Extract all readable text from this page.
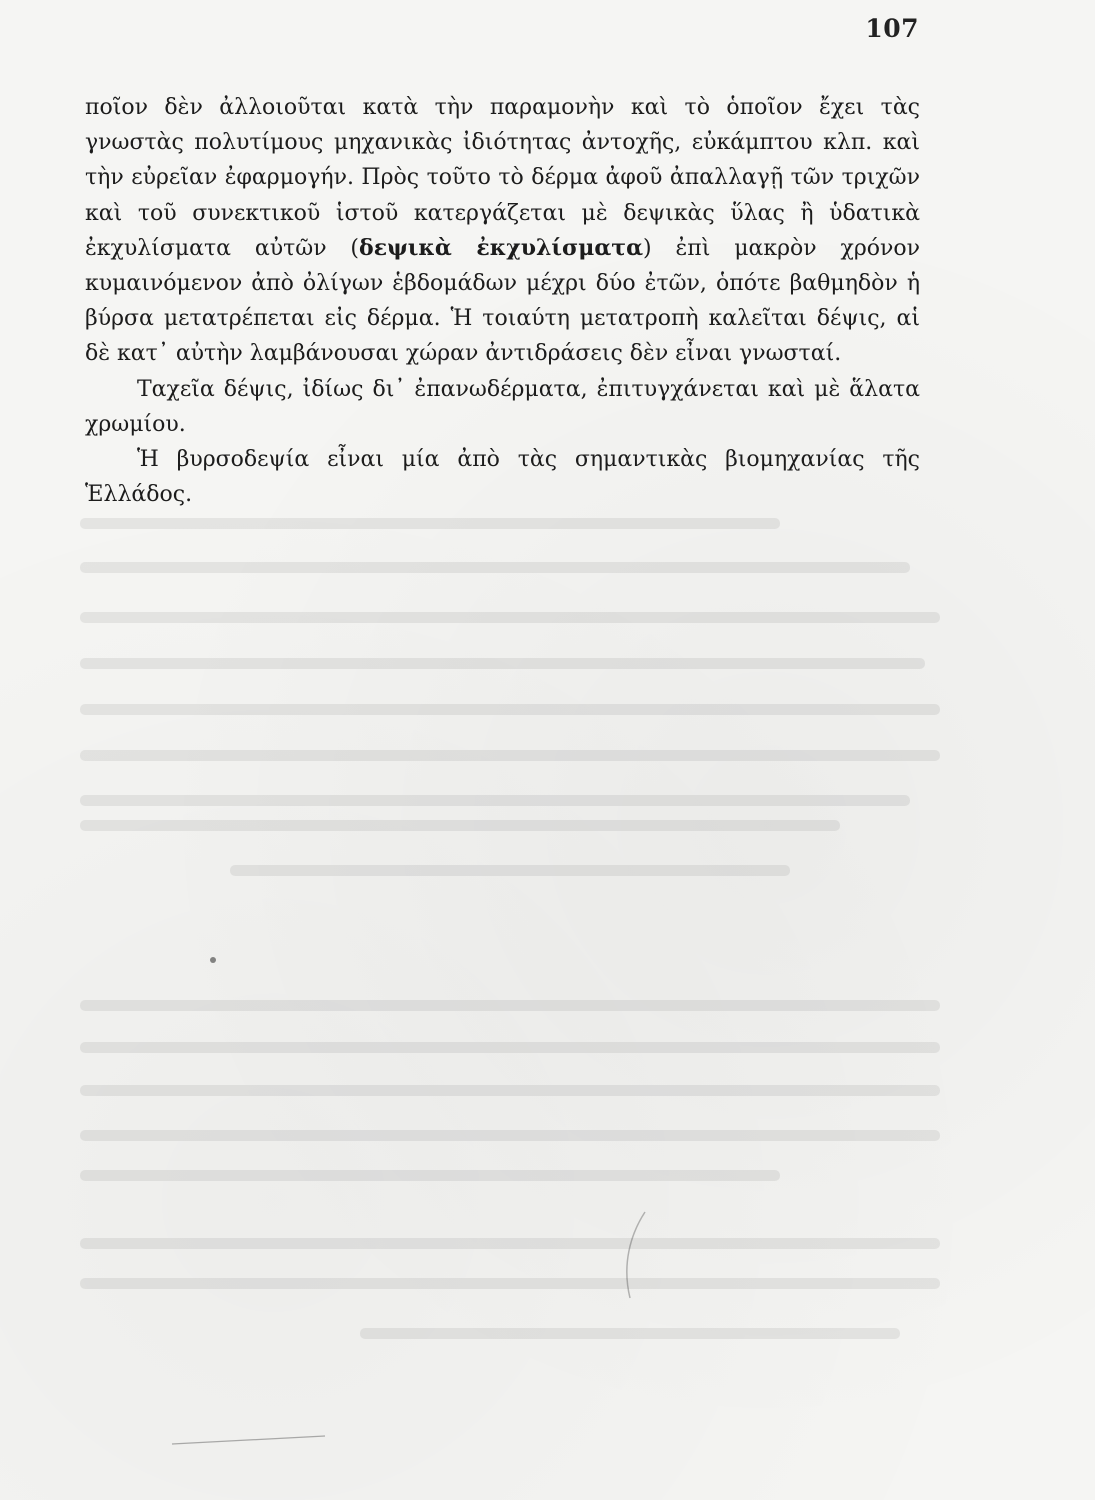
107

ποῖον δὲν ἀλλοιοῦται κατὰ τὴν παραμονὴν καὶ τὸ ὁποῖον ἔχει τὰς γνωστὰς πολυτίμους μηχανικὰς ἰδιότητας ἀντοχῆς, εὐκάμπτου κλπ. καὶ τὴν εὐρεῖαν ἐφαρμογήν. Πρὸς τοῦτο τὸ δέρμα ἀφοῦ ἀπαλλαγῇ τῶν τριχῶν καὶ τοῦ συνεκτικοῦ ἱστοῦ κατεργάζεται μὲ δεψικὰς ὕλας ἢ ὑδατικὰ ἐκχυλίσματα αὐτῶν (δεψικὰ ἐκχυλίσματα) ἐπὶ μακρὸν χρόνον κυμαινόμενον ἀπὸ ὀλίγων ἑβδομάδων μέχρι δύο ἐτῶν, ὁπότε βαθμηδὸν ἡ βύρσα μετατρέπεται εἰς δέρμα. Ἡ τοιαύτη μετατροπὴ καλεῖται δέψις, αἱ δὲ κατ᾽ αὐτὴν λαμβάνουσαι χώραν ἀντιδράσεις δὲν εἶναι γνωσταί.

Ταχεῖα δέψις, ἰδίως δι᾽ ἐπανωδέρματα, ἐπιτυγχάνεται καὶ μὲ ἅλατα χρωμίου.

Ἡ βυρσοδεψία εἶναι μία ἀπὸ τὰς σημαντικὰς βιομηχανίας τῆς Ἑλλάδος.
